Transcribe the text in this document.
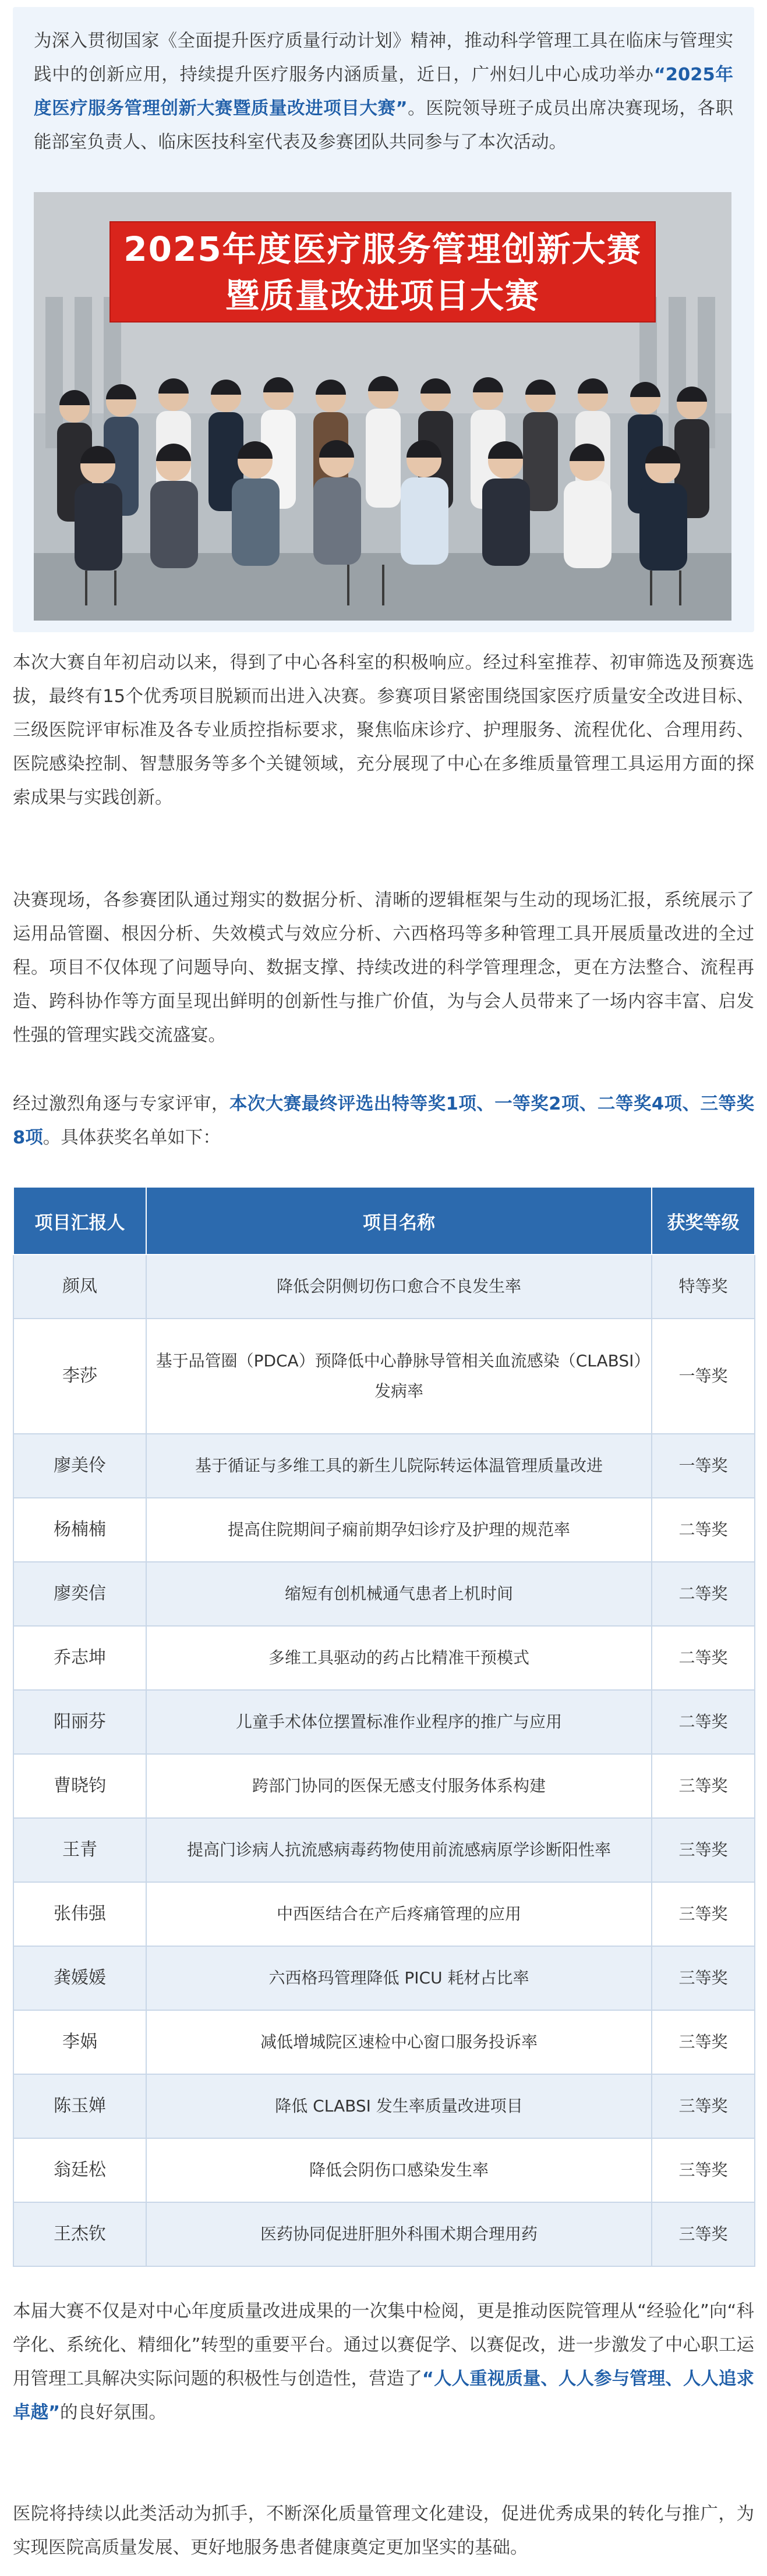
为深入贯彻国家《全面提升医疗质量行动计划》精神，推动科学管理工具在临床与管理实践中的创新应用，持续提升医疗服务内涵质量，近日，广州妇儿中心成功举办“2025年度医疗服务管理创新大赛暨质量改进项目大赛”。医院领导班子成员出席决赛现场，各职能部室负责人、临床医技科室代表及参赛团队共同参与了本次活动。

2025年度医疗服务管理创新大赛
暨质量改进项目大赛

本次大赛自年初启动以来，得到了中心各科室的积极响应。经过科室推荐、初审筛选及预赛选拔，最终有15个优秀项目脱颖而出进入决赛。参赛项目紧密围绕国家医疗质量安全改进目标、三级医院评审标准及各专业质控指标要求，聚焦临床诊疗、护理服务、流程优化、合理用药、医院感染控制、智慧服务等多个关键领域，充分展现了中心在多维质量管理工具运用方面的探索成果与实践创新。

决赛现场，各参赛团队通过翔实的数据分析、清晰的逻辑框架与生动的现场汇报，系统展示了运用品管圈、根因分析、失效模式与效应分析、六西格玛等多种管理工具开展质量改进的全过程。项目不仅体现了问题导向、数据支撑、持续改进的科学管理理念，更在方法整合、流程再造、跨科协作等方面呈现出鲜明的创新性与推广价值，为与会人员带来了一场内容丰富、启发性强的管理实践交流盛宴。

经过激烈角逐与专家评审，本次大赛最终评选出特等奖1项、一等奖2项、二等奖4项、三等奖8项。具体获奖名单如下：

项目汇报人	项目名称	获奖等级
颜凤	降低会阴侧切伤口愈合不良发生率	特等奖
李莎	基于品管圈（PDCA）预降低中心静脉导管相关血流感染（CLABSI）发病率	一等奖
廖美伶	基于循证与多维工具的新生儿院际转运体温管理质量改进	一等奖
杨楠楠	提高住院期间子痫前期孕妇诊疗及护理的规范率	二等奖
廖奕信	缩短有创机械通气患者上机时间	二等奖
乔志坤	多维工具驱动的药占比精准干预模式	二等奖
阳丽芬	儿童手术体位摆置标准作业程序的推广与应用	二等奖
曹晓钧	跨部门协同的医保无感支付服务体系构建	三等奖
王青	提高门诊病人抗流感病毒药物使用前流感病原学诊断阳性率	三等奖
张伟强	中西医结合在产后疼痛管理的应用	三等奖
龚媛媛	六西格玛管理降低 PICU 耗材占比率	三等奖
李娲	减低增城院区速检中心窗口服务投诉率	三等奖
陈玉婵	降低 CLABSI 发生率质量改进项目	三等奖
翁廷松	降低会阴伤口感染发生率	三等奖
王杰钦	医药协同促进肝胆外科围术期合理用药	三等奖

本届大赛不仅是对中心年度质量改进成果的一次集中检阅，更是推动医院管理从“经验化”向“科学化、系统化、精细化”转型的重要平台。通过以赛促学、以赛促改，进一步激发了中心职工运用管理工具解决实际问题的积极性与创造性，营造了“人人重视质量、人人参与管理、人人追求卓越”的良好氛围。

医院将持续以此类活动为抓手，不断深化质量管理文化建设，促进优秀成果的转化与推广，为实现医院高质量发展、更好地服务患者健康奠定更加坚实的基础。
